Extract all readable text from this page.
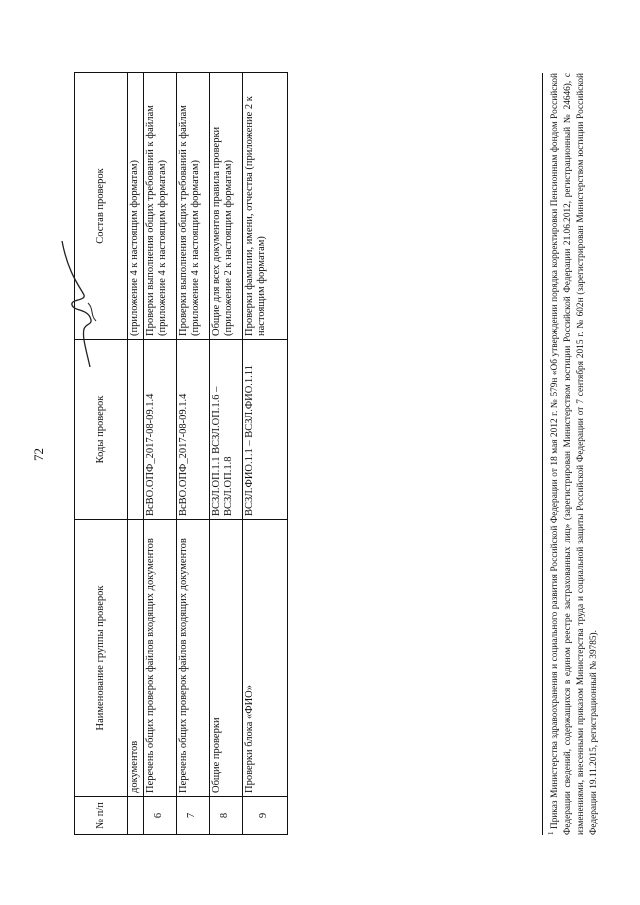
72
№ п/п	Наименование группы проверок	Коды проверок	Состав проверок
	документов		(приложение 4 к настоящим форматам)
6	Перечень общих проверок файлов входящих документов	ВсВО.ОПФ_2017-08-09.1.4	Проверки выполнения общих требований к файлам (приложение 4 к настоящим форматам)
7	Перечень общих проверок файлов входящих документов	ВсВО.ОПФ_2017-08-09.1.4	Проверки выполнения общих требований к файлам (приложение 4 к настоящим форматам)
8	Общие проверки	ВСЗЛ.ОП.1.1 ВСЗЛ.ОП.1.6 – ВСЗЛ.ОП.1.8	Общие для всех документов правила проверки (приложение 2 к настоящим форматам)
9	Проверки блока «ФИО»	ВСЗЛ.ФИО.1.1 – ВСЗЛ.ФИО.1.11	Проверки фамилии, имени, отчества (приложение 2 к настоящим форматам)
$^1$ Приказ Министерства здравоохранения и социального развития Российской Федерации от 18 мая 2012 г. № 579н «Об утверждении порядка корректировки Пенсионным фондом Российской Федерации сведений, содержащихся в едином реестре застрахованных лиц» (зарегистрирован Министерством юстиции Российской Федерации 21.06.2012, регистрационный № 24646), с изменениями, внесенными приказом Министерства труда и социальной защиты Российской Федерации от 7 сентября 2015 г. № 602н (зарегистрирован Министерством юстиции Российской Федерации 19.11.2015, регистрационный № 39785).
